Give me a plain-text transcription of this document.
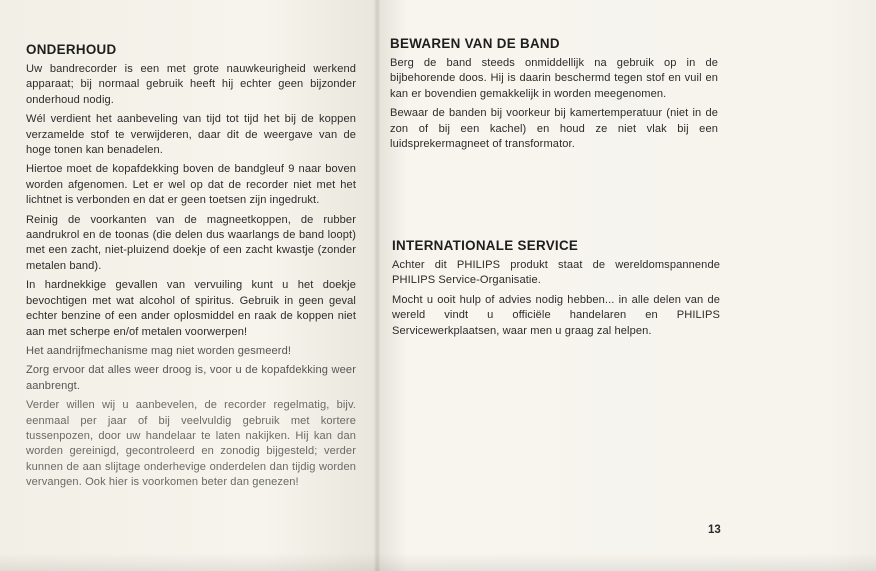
ONDERHOUD

Uw bandrecorder is een met grote nauwkeurigheid werkend apparaat; bij normaal gebruik heeft hij echter geen bijzonder onderhoud nodig.

Wél verdient het aanbeveling van tijd tot tijd het bij de koppen verzamelde stof te verwijderen, daar dit de weergave van de hoge tonen kan benadelen.

Hiertoe moet de kopafdekking boven de bandgleuf 9 naar boven worden afgenomen. Let er wel op dat de recorder niet met het lichtnet is verbonden en dat er geen toetsen zijn ingedrukt.

Reinig de voorkanten van de magneetkoppen, de rubber aandrukrol en de toonas (die delen dus waarlangs de band loopt) met een zacht, niet-pluizend doekje of een zacht kwastje (zonder metalen band).

In hardnekkige gevallen van vervuiling kunt u het doekje bevochtigen met wat alcohol of spiritus. Gebruik in geen geval echter benzine of een ander oplosmiddel en raak de koppen niet aan met scherpe en/of metalen voorwerpen!

Het aandrijfmechanisme mag niet worden gesmeerd!

Zorg ervoor dat alles weer droog is, voor u de kopafdekking weer aanbrengt.

Verder willen wij u aanbevelen, de recorder regelmatig, bijv. eenmaal per jaar of bij veelvuldig gebruik met kortere tussenpozen, door uw handelaar te laten nakijken. Hij kan dan worden gereinigd, gecontroleerd en zonodig bijgesteld; verder kunnen de aan slijtage onderhevige onderdelen dan tijdig worden vervangen. Ook hier is voorkomen beter dan genezen!

BEWAREN VAN DE BAND

Berg de band steeds onmiddellijk na gebruik op in de bijbehorende doos. Hij is daarin beschermd tegen stof en vuil en kan er bovendien gemakkelijk in worden meegenomen.

Bewaar de banden bij voorkeur bij kamertemperatuur (niet in de zon of bij een kachel) en houd ze niet vlak bij een luidsprekermagneet of transformator.

INTERNATIONALE SERVICE

Achter dit PHILIPS produkt staat de wereldomspannende PHILIPS Service-Organisatie.

Mocht u ooit hulp of advies nodig hebben... in alle delen van de wereld vindt u officiële handelaren en PHILIPS Servicewerkplaatsen, waar men u graag zal helpen.

13
